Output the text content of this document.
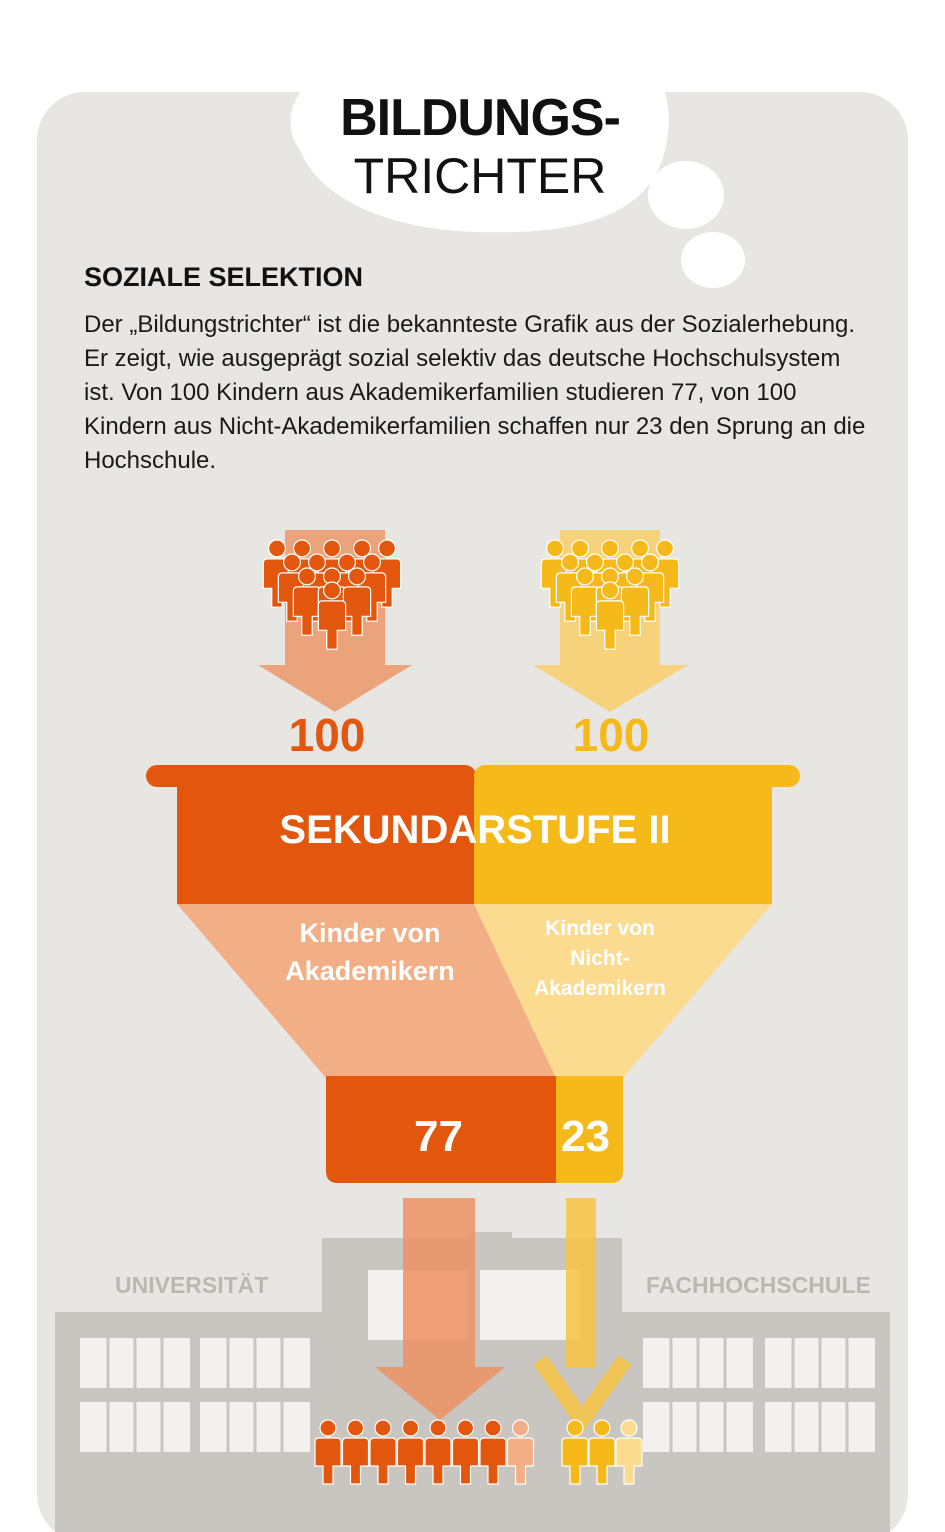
BILDUNGS-
TRICHTER
SOZIALE SELEKTION

Der „Bildungstrichter“ ist die bekannteste Grafik aus der Sozialerhebung. Er zeigt, wie ausgeprägt sozial selektiv das deutsche Hochschulsystem ist. Von 100 Kindern aus Akademikerfamilien studieren 77, von 100 Kindern aus Nicht-Akademikerfamilien schaffen nur 23 den Sprung an die Hochschule.

100	100
SEKUNDARSTUFE II
Kinder von Akademikern
Kinder von Nicht-Akademikern
77 23
UNIVERSITÄT	FACHHOCHSCHULE
